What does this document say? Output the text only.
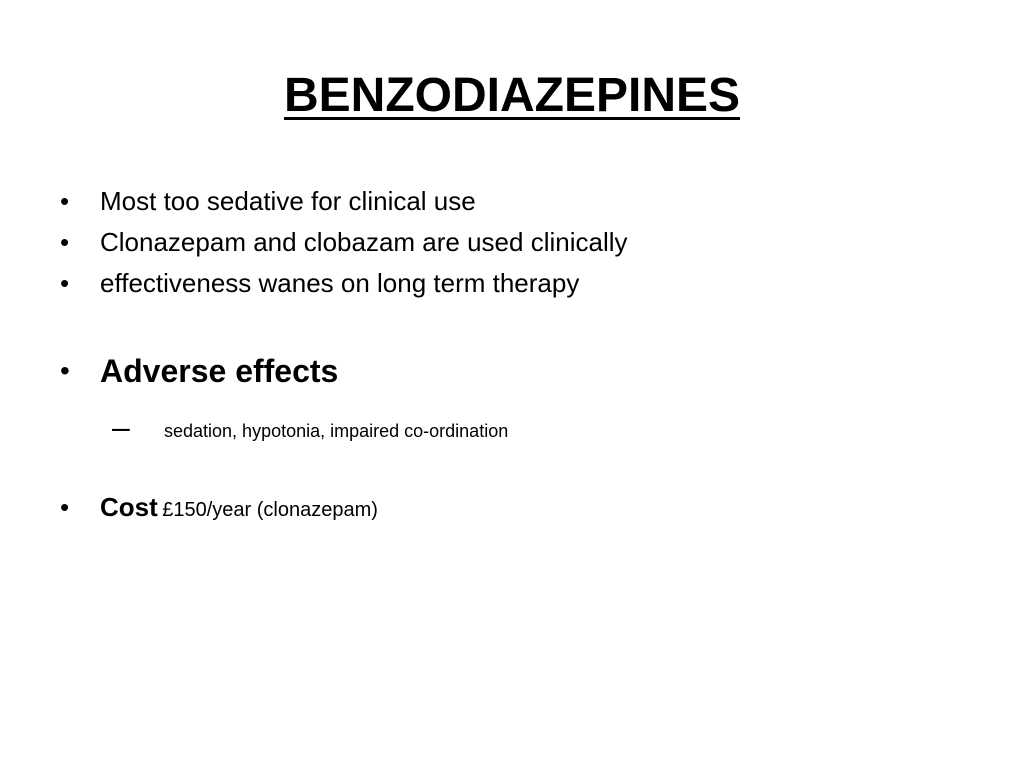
BENZODIAZEPINES
• Most too sedative for clinical use
• Clonazepam and clobazam are used clinically
• effectiveness wanes on long term therapy
• Adverse effects
– sedation, hypotonia, impaired co-ordination
• Cost £150/year (clonazepam)
